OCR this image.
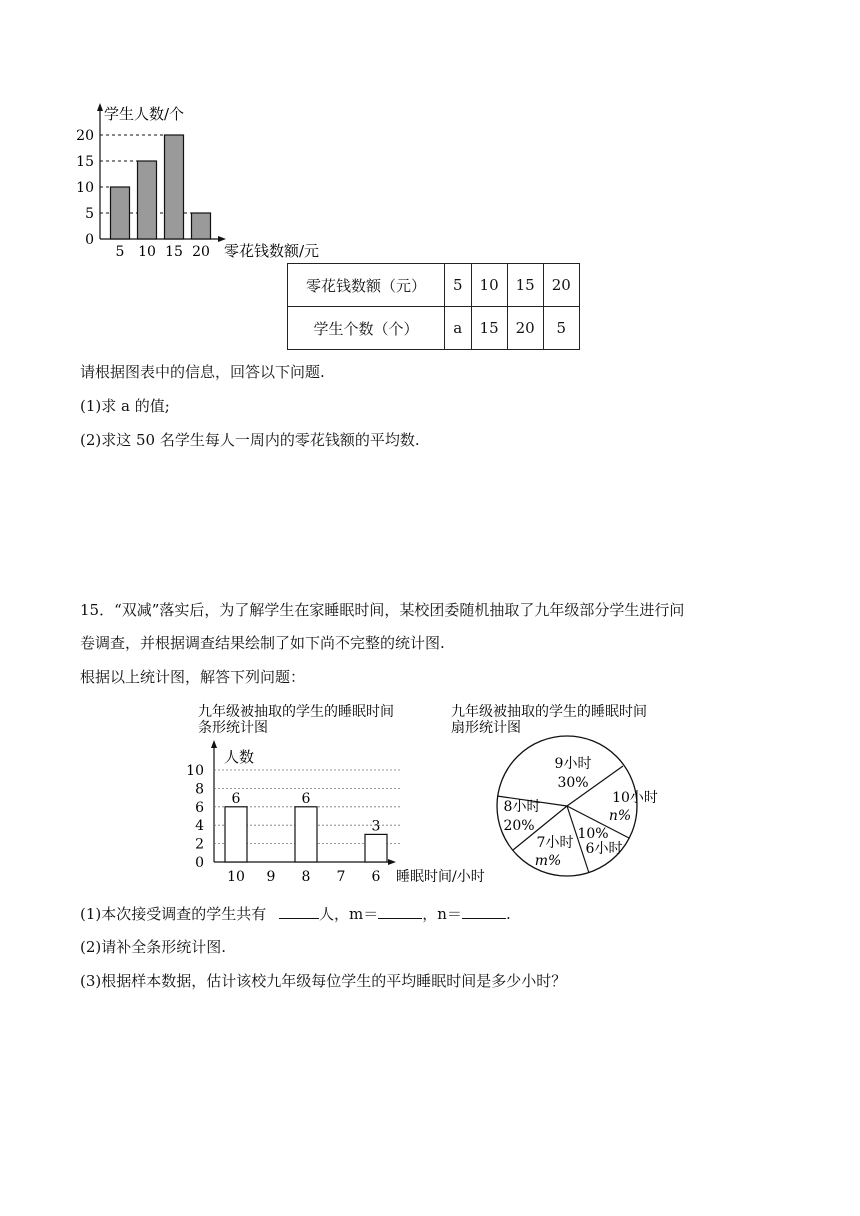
学生人数/个
零花钱数额/元
0
5
10
15
20
5 10 15 20
零花钱数额（元）	5	10	15	20
学生个数（个）	a	15	20	5
请根据图表中的信息，回答以下问题.
(1)求 a 的值;
(2)求这 50 名学生每人一周内的零花钱额的平均数.
15．“双减”落实后，为了解学生在家睡眠时间，某校团委随机抽取了九年级部分学生进行问
卷调查，并根据调查结果绘制了如下尚不完整的统计图.
根据以上统计图，解答下列问题：
九年级被抽取的学生的睡眠时间
条形统计图
人数
睡眠时间/小时
6	6
3
0
2
4
6
8
10
10 9 8 7 6
九年级被抽取的学生的睡眠时间
扇形统计图
9小时
30%
10小时
n%
10%
6小时
7小时
m%
8小时
20%
(1)本次接受调查的学生共有	人，m＝	，n＝	.
(2)请补全条形统计图.
(3)根据样本数据，估计该校九年级每位学生的平均睡眠时间是多少小时？
